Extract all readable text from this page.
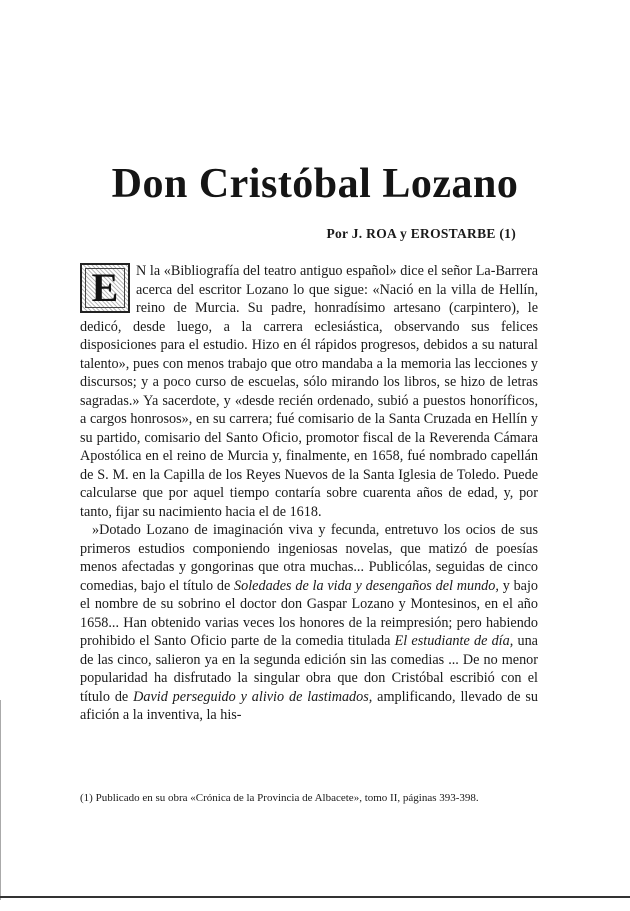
Don Cristóbal Lozano
Por J. ROA y EROSTARBE (1)

E	N la «Bibliografía del teatro antiguo español» dice el señor La-Barrera acerca del escritor Lozano lo que sigue: «Nació en la villa de Hellín, reino de Murcia. Su padre, honradísimo artesano (carpintero), le dedicó, desde luego, a la carrera eclesiástica, observando sus felices disposiciones para el estudio. Hizo en él rápidos progresos, debidos a su natural talento», pues con menos trabajo que otro mandaba a la memoria las lecciones y discursos; y a poco curso de escuelas, sólo mirando los libros, se hizo de letras sagradas.» Ya sacerdote, y «desde recién ordenado, subió a puestos honoríficos, a cargos honrosos», en su carrera; fué comisario de la Santa Cruzada en Hellín y su partido, comisario del Santo Oficio, promotor fiscal de la Reverenda Cámara Apostólica en el reino de Murcia y, finalmente, en 1658, fué nombrado capellán de S. M. en la Capilla de los Reyes Nuevos de la Santa Iglesia de Toledo. Puede calcularse que por aquel tiempo contaría sobre cuarenta años de edad, y, por tanto, fijar su nacimiento hacia el de 1618.

»Dotado Lozano de imaginación viva y fecunda, entretuvo los ocios de sus primeros estudios componiendo ingeniosas novelas, que matizó de poesías menos afectadas y gongorinas que otra muchas... Publicólas, seguidas de cinco comedias, bajo el título de Soledades de la vida y desengaños del mundo, y bajo el nombre de su sobrino el doctor don Gaspar Lozano y Montesinos, en el año 1658... Han obtenido varias veces los honores de la reimpresión; pero habiendo prohibido el Santo Oficio parte de la comedia titulada El estudiante de día, una de las cinco, salieron ya en la segunda edición sin las comedias ... De no menor popularidad ha disfrutado la singular obra que don Cristóbal escribió con el título de David perseguido y alivio de lastimados, amplificando, llevado de su afición a la inventiva, la his-

(1) Publicado en su obra «Crónica de la Provincia de Albacete», tomo II, páginas 393-398.
